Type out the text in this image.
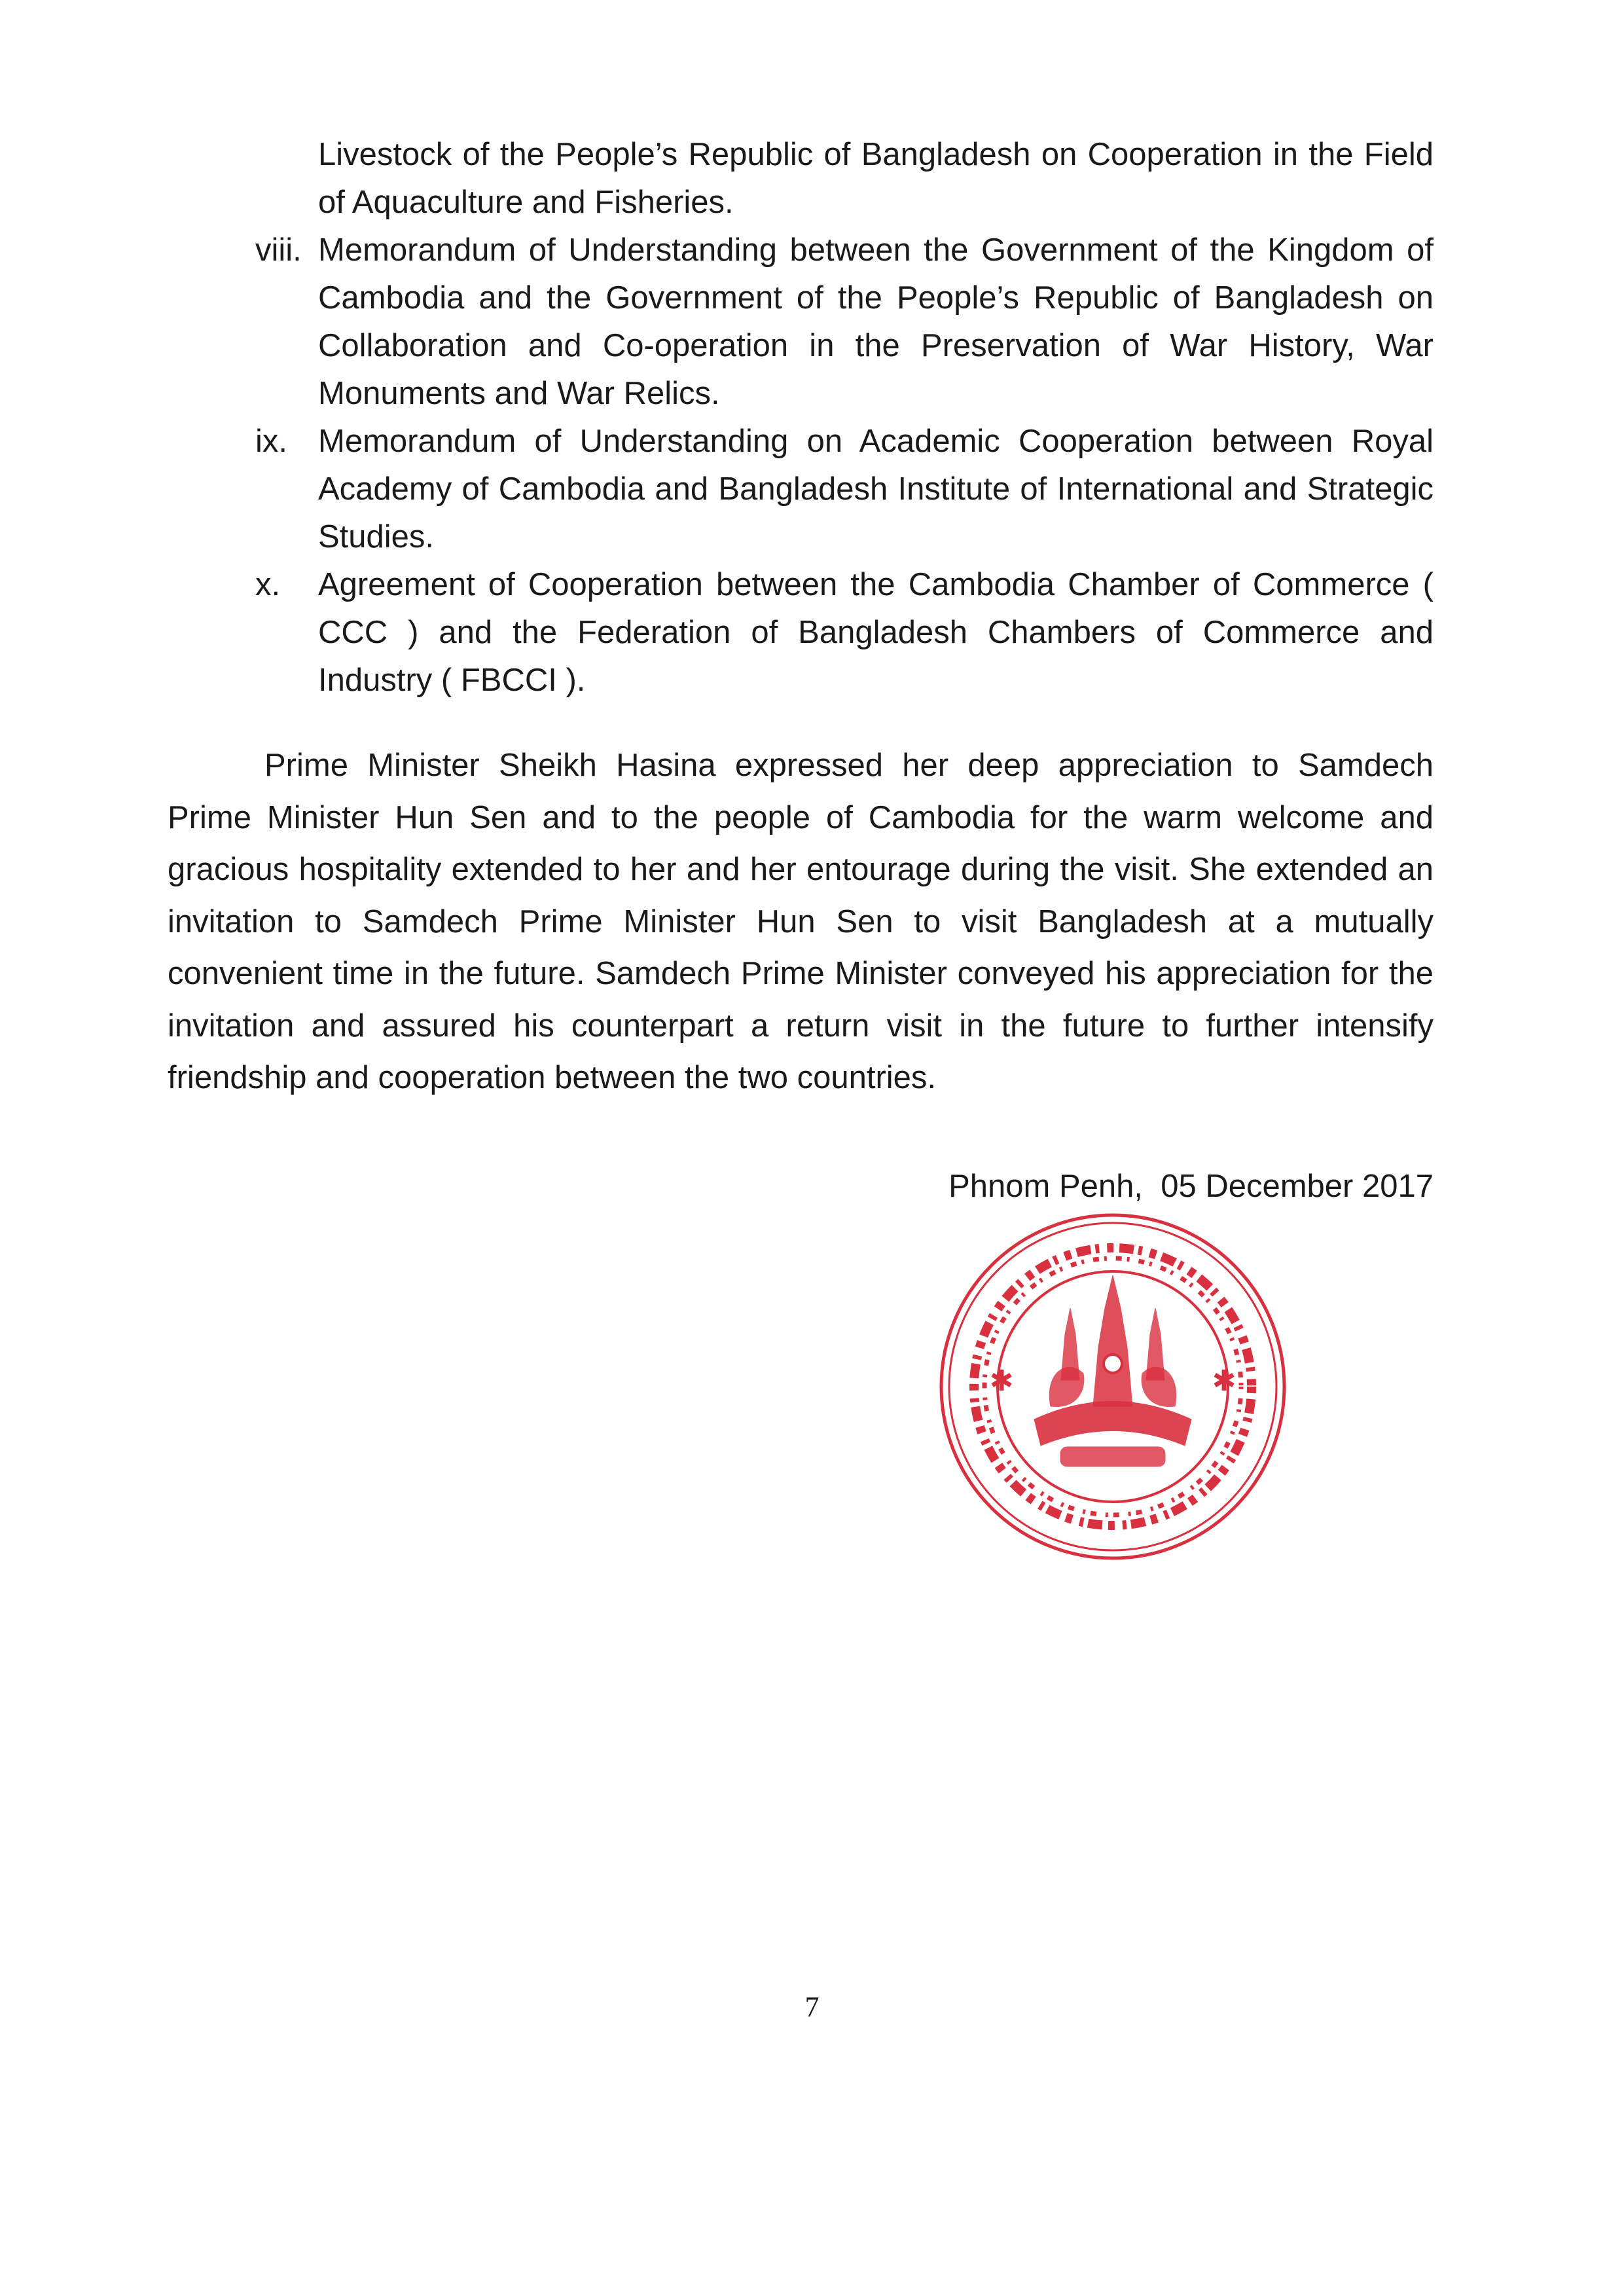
Livestock of the People’s Republic of Bangladesh on Cooperation in the Field of Aquaculture and Fisheries.
viii. Memorandum of Understanding between the Government of the Kingdom of Cambodia and the Government of the People’s Republic of Bangladesh on Collaboration and Co-operation in the Preservation of War History, War Monuments and War Relics.
ix. Memorandum of Understanding on Academic Cooperation between Royal Academy of Cambodia and Bangladesh Institute of International and Strategic Studies.
x. Agreement of Cooperation between the Cambodia Chamber of Commerce ( CCC ) and the Federation of Bangladesh Chambers of Commerce and Industry ( FBCCI ).

Prime Minister Sheikh Hasina expressed her deep appreciation to Samdech Prime Minister Hun Sen and to the people of Cambodia for the warm welcome and gracious hospitality extended to her and her entourage during the visit. She extended an invitation to Samdech Prime Minister Hun Sen to visit Bangladesh at a mutually convenient time in the future. Samdech Prime Minister conveyed his appreciation for the invitation and assured his counterpart a return visit in the future to further intensify friendship and cooperation between the two countries.

Phnom Penh,  05 December 2017
✱	✱
7
